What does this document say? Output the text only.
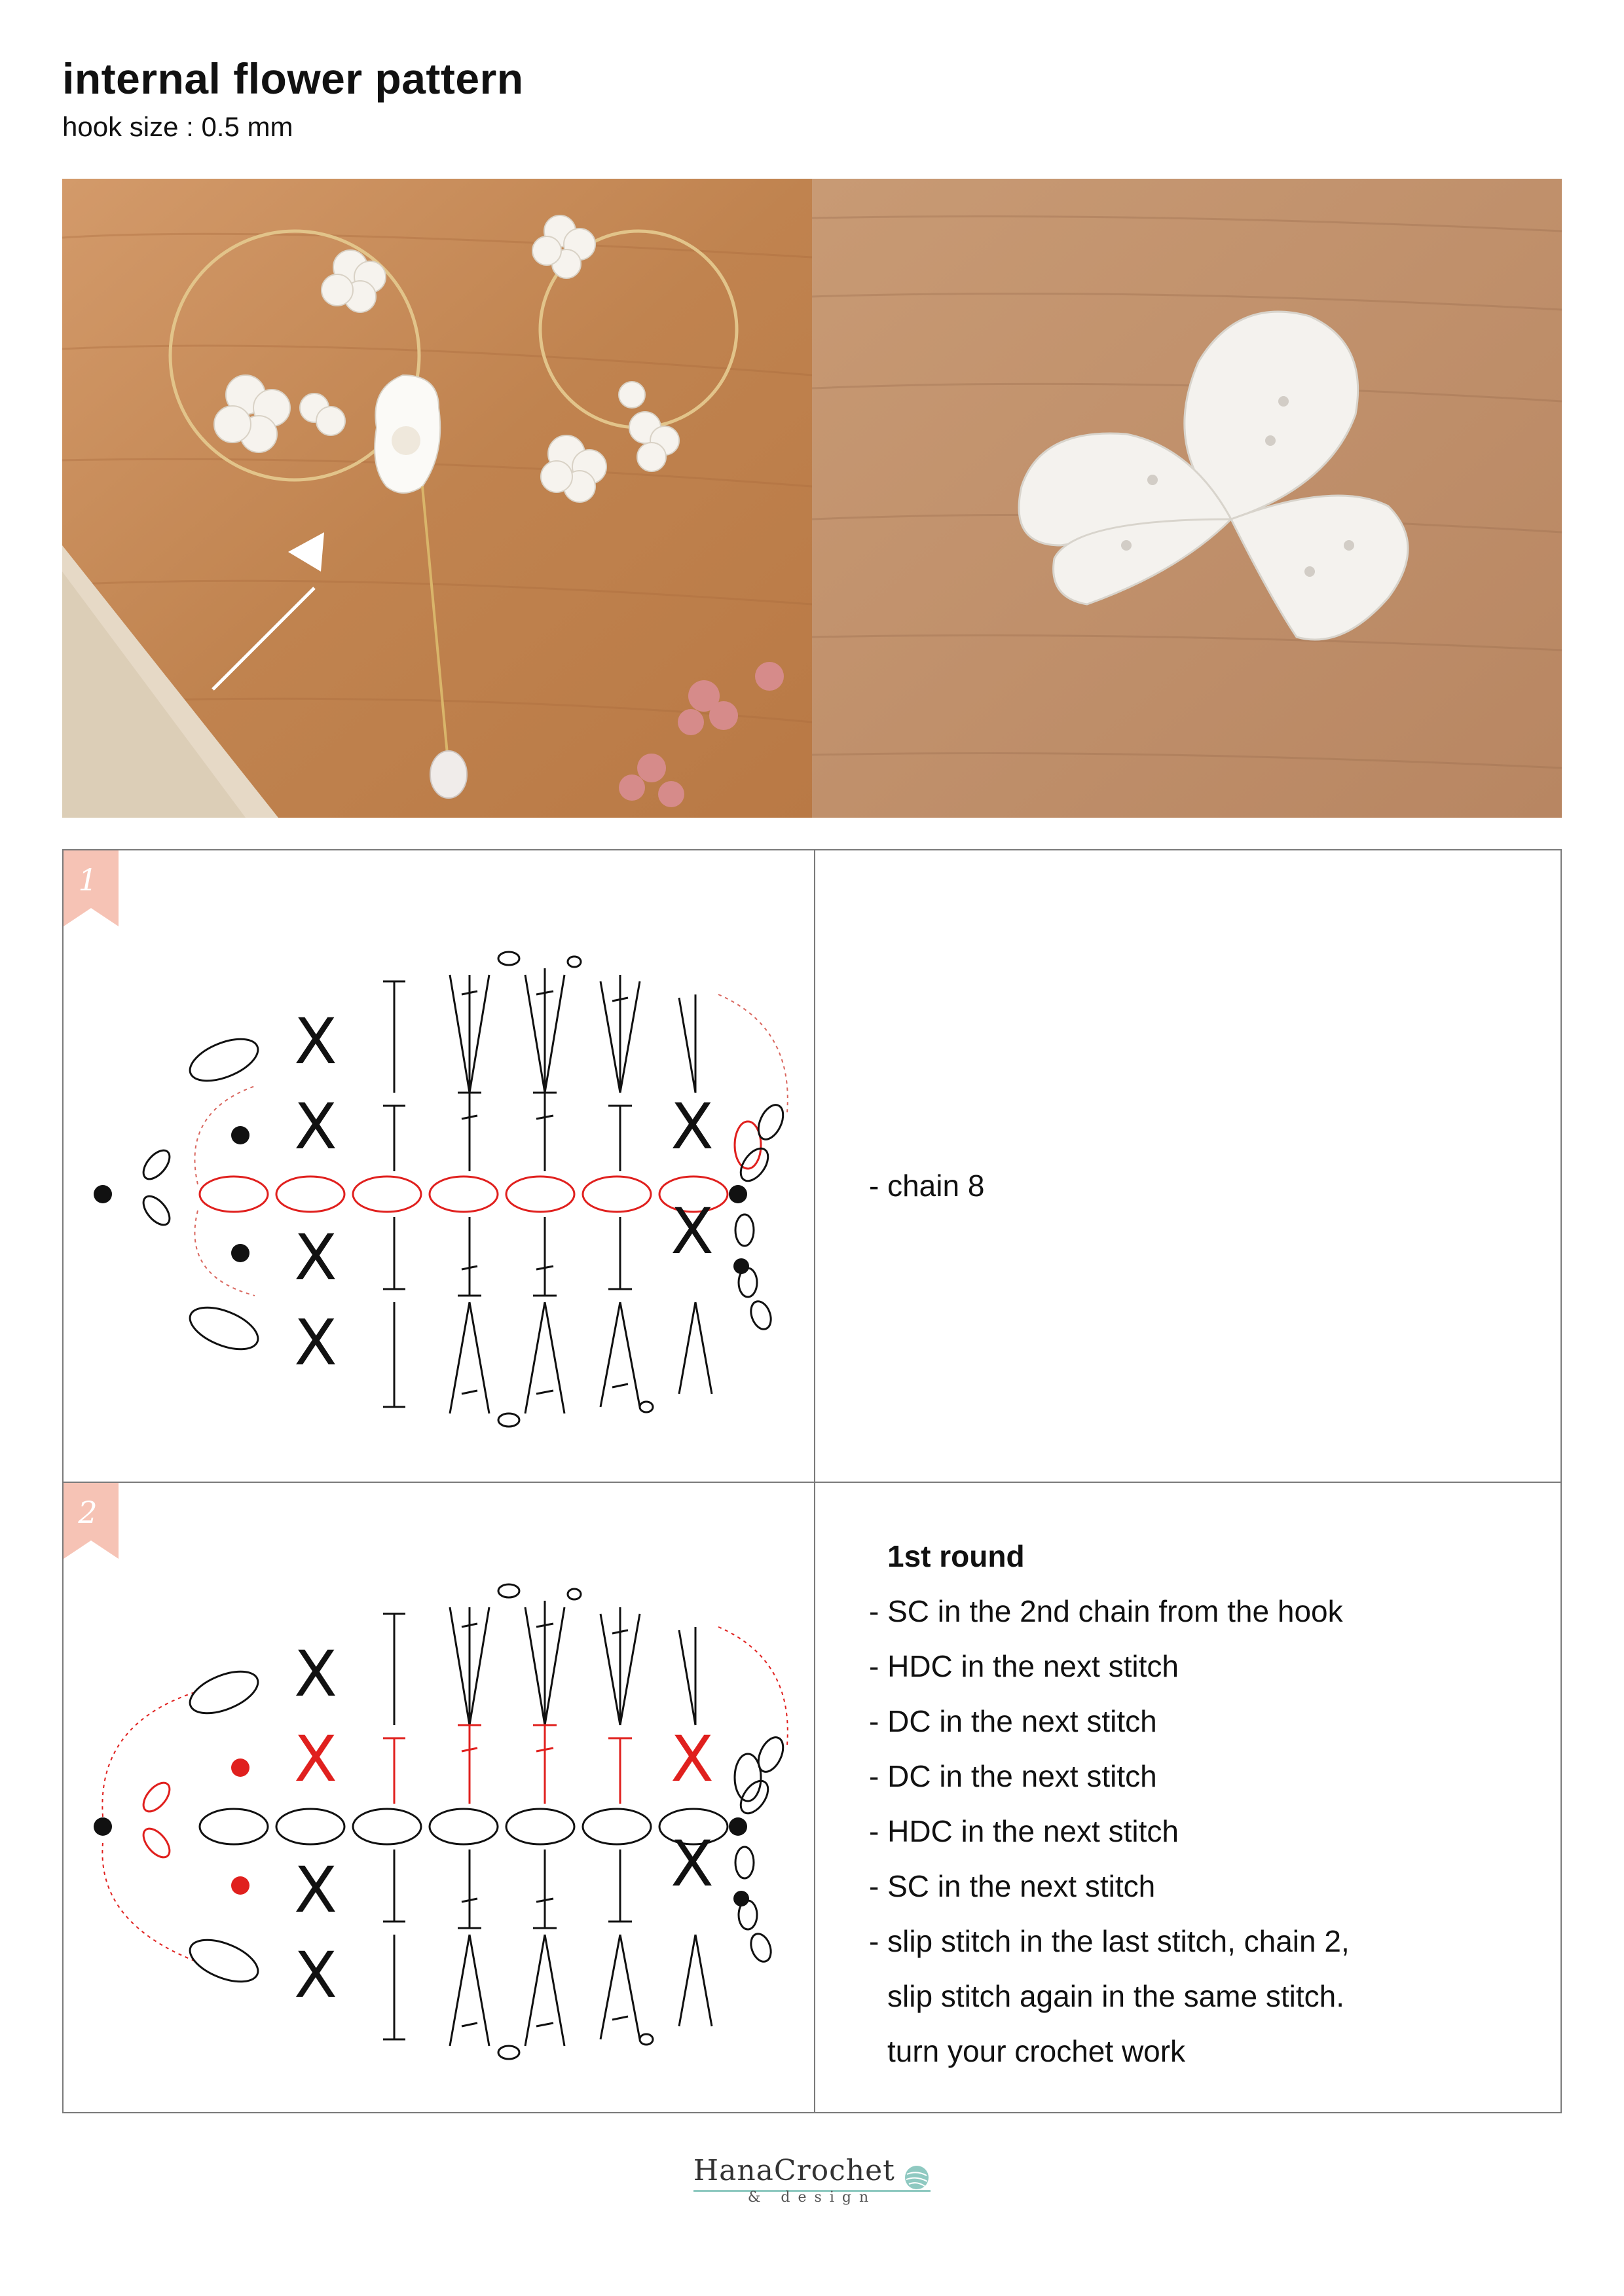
internal flower pattern
hook size : 0.5 mm
1
X
X
X
X
X
X
- chain 8
2
X
X
X
X
X
X
1st round
- SC in the 2nd chain from the hook
- HDC in the next stitch
- DC in the next stitch
- DC in the next stitch
- HDC in the next stitch
- SC in the next stitch
- slip stitch in the last stitch, chain 2,
slip stitch again in the same stitch.
turn your crochet work
HanaCrochet
& design
